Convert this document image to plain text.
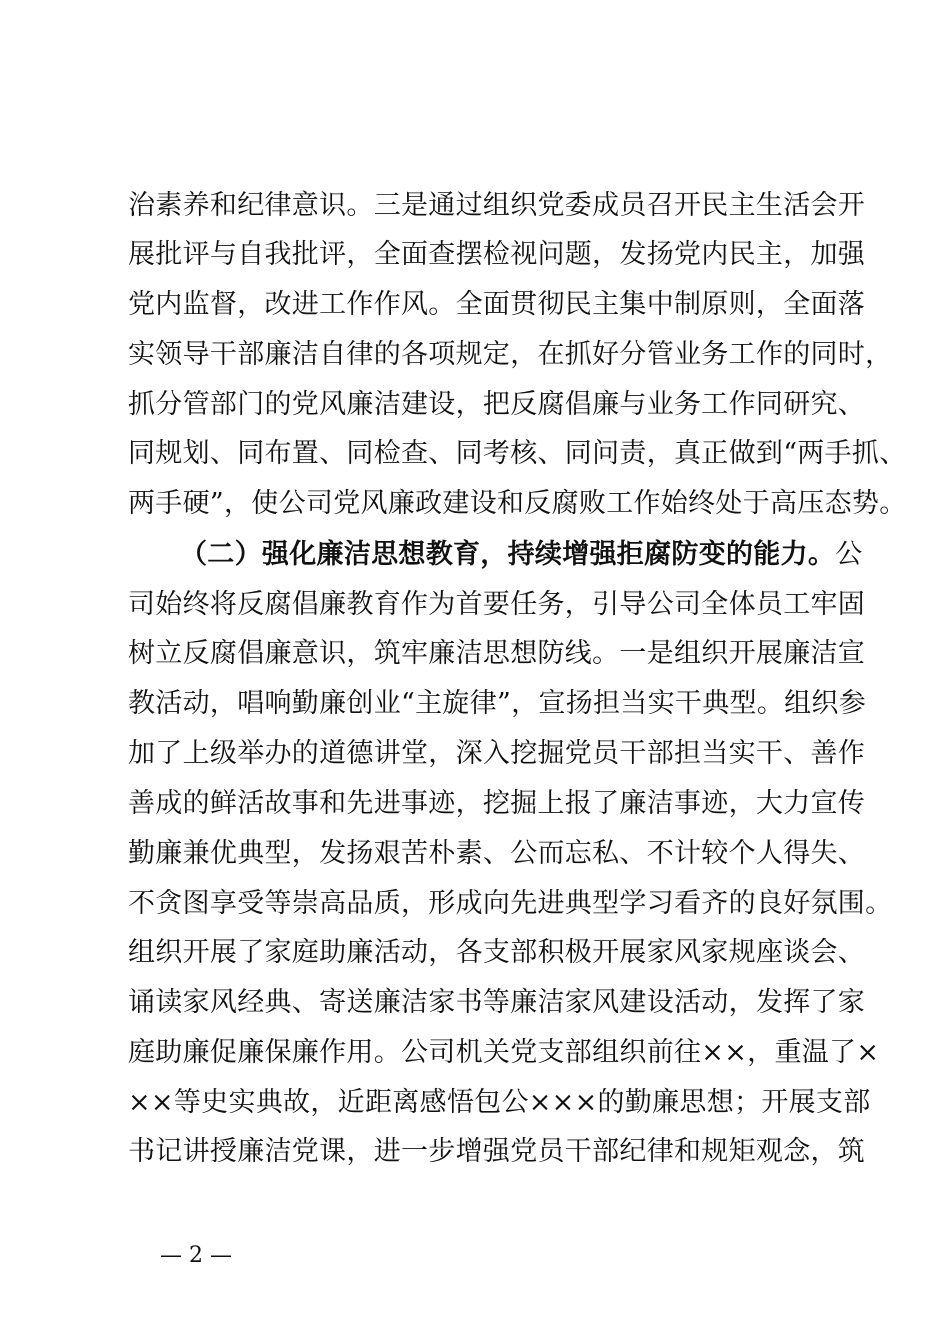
治素养和纪律意识。三是通过组织党委成员召开民主生活会开
展批评与自我批评，全面查摆检视问题，发扬党内民主，加强
党内监督，改进工作作风。全面贯彻民主集中制原则，全面落
实领导干部廉洁自律的各项规定，在抓好分管业务工作的同时，
抓分管部门的党风廉洁建设，把反腐倡廉与业务工作同研究、
同规划、同布置、同检查、同考核、同问责，真正做到“两手抓、
两手硬”，使公司党风廉政建设和反腐败工作始终处于高压态势。
（二）强化廉洁思想教育，持续增强拒腐防变的能力。公
司始终将反腐倡廉教育作为首要任务，引导公司全体员工牢固
树立反腐倡廉意识，筑牢廉洁思想防线。一是组织开展廉洁宣
教活动，唱响勤廉创业“主旋律”，宣扬担当实干典型。组织参
加了上级举办的道德讲堂，深入挖掘党员干部担当实干、善作
善成的鲜活故事和先进事迹，挖掘上报了廉洁事迹，大力宣传
勤廉兼优典型，发扬艰苦朴素、公而忘私、不计较个人得失、
不贪图享受等崇高品质，形成向先进典型学习看齐的良好氛围。
组织开展了家庭助廉活动，各支部积极开展家风家规座谈会、
诵读家风经典、寄送廉洁家书等廉洁家风建设活动，发挥了家
庭助廉促廉保廉作用。公司机关党支部组织前往××，重温了×
××等史实典故，近距离感悟包公×××的勤廉思想；开展支部
书记讲授廉洁党课，进一步增强党员干部纪律和规矩观念，筑
— 2 —
